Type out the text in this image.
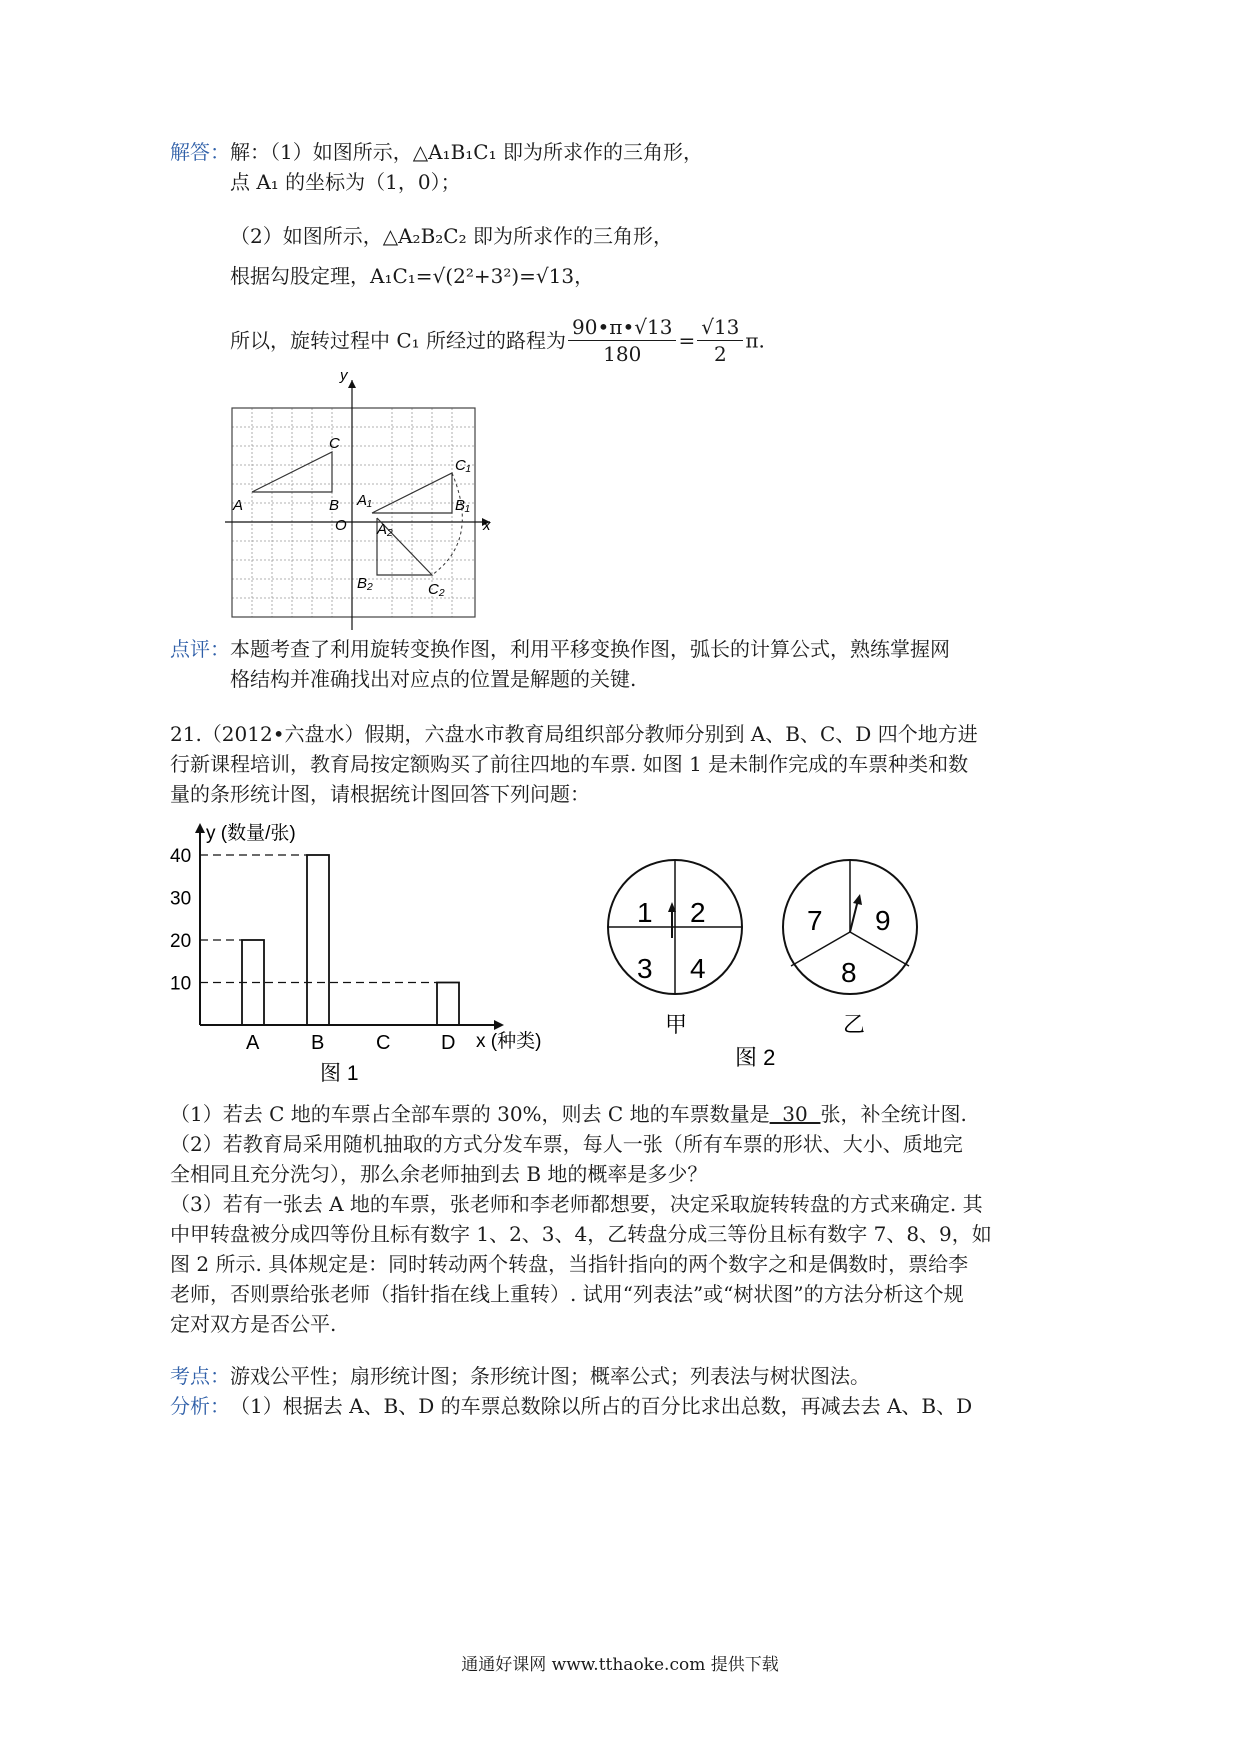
解答： 解：（1）如图所示，△A₁B₁C₁ 即为所求作的三角形，
点 A₁ 的坐标为（1，0）；
（2）如图所示，△A₂B₂C₂ 即为所求作的三角形，
根据勾股定理，A₁C₁=√(2²+3²)=√13，
所以，旋转过程中 C₁ 所经过的路程为 $\frac{90•\pi•√13}{180} = \frac{√13}{2} \pi$.
y
x
O
A	B
C
A₁	B₁
C₁
A₂
B₂	C₂
点评： 本题考查了利用旋转变换作图，利用平移变换作图，弧长的计算公式，熟练掌握网
格结构并准确找出对应点的位置是解题的关键.
21.（2012•六盘水）假期，六盘水市教育局组织部分教师分别到 A、B、C、D 四个地方进
行新课程培训，教育局按定额购买了前往四地的车票. 如图 1 是未制作完成的车票种类和数
量的条形统计图，请根据统计图回答下列问题：
y (数量/张)
x (种类)
10
20
30
40
A	B	C	D
图 1
1 2
3 4
甲
7 9
8
乙
图 2
（1）若去 C 地的车票占全部车票的 30%，则去 C 地的车票数量是  30  张，补全统计图.
（2）若教育局采用随机抽取的方式分发车票，每人一张（所有车票的形状、大小、质地完
全相同且充分洗匀），那么余老师抽到去 B 地的概率是多少？
（3）若有一张去 A 地的车票，张老师和李老师都想要，决定采取旋转转盘的方式来确定. 其
中甲转盘被分成四等份且标有数字 1、2、3、4，乙转盘分成三等份且标有数字 7、8、9，如
图 2 所示. 具体规定是：同时转动两个转盘，当指针指向的两个数字之和是偶数时，票给李
老师，否则票给张老师（指针指在线上重转）. 试用“列表法”或“树状图”的方法分析这个规
定对双方是否公平.
考点： 游戏公平性；扇形统计图；条形统计图；概率公式；列表法与树状图法。
分析： （1）根据去 A、B、D 的车票总数除以所占的百分比求出总数，再减去去 A、B、D
通通好课网 www.tthaoke.com 提供下载
